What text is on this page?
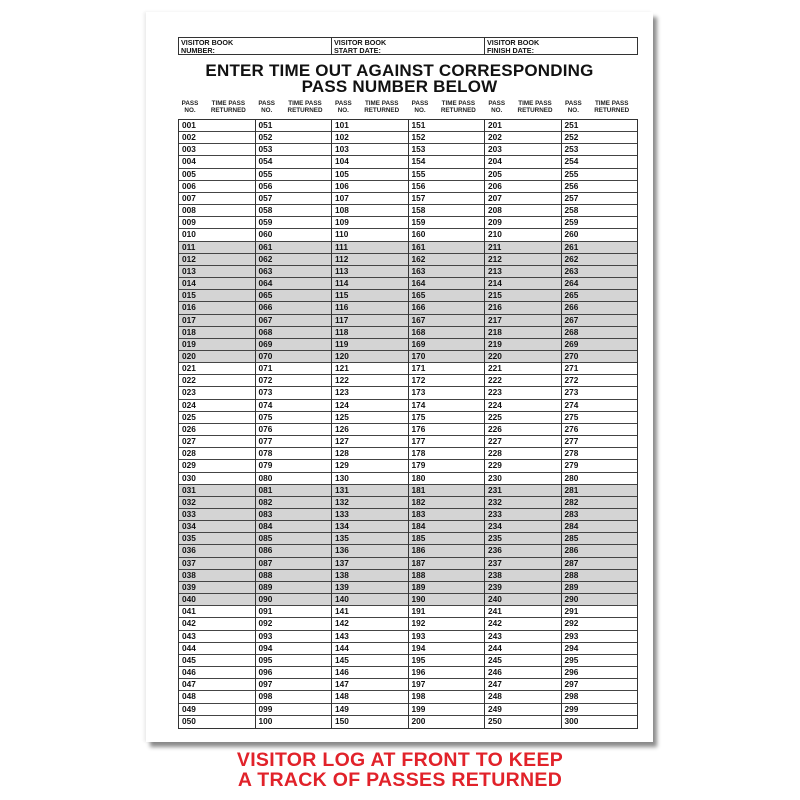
VISITOR BOOK
NUMBER:
VISITOR BOOK
START DATE:
VISITOR BOOK
FINISH DATE:
ENTER TIME OUT AGAINST CORRESPONDING
PASS NUMBER BELOW
PASS
NO.
TIME PASS
RETURNED
PASS
NO.
TIME PASS
RETURNED
PASS
NO.
TIME PASS
RETURNED
PASS
NO.
TIME PASS
RETURNED
PASS
NO.
TIME PASS
RETURNED
PASS
NO.
TIME PASS
RETURNED
001
002
003
004
005
006
007
008
009
010
011
012
013
014
015
016
017
018
019
020
021
022
023
024
025
026
027
028
029
030
031
032
033
034
035
036
037
038
039
040
041
042
043
044
045
046
047
048
049
050
051
052
053
054
055
056
057
058
059
060
061
062
063
064
065
066
067
068
069
070
071
072
073
074
075
076
077
078
079
080
081
082
083
084
085
086
087
088
089
090
091
092
093
094
095
096
097
098
099
100
101
102
103
104
105
106
107
108
109
110
111
112
113
114
115
116
117
118
119
120
121
122
123
124
125
126
127
128
129
130
131
132
133
134
135
136
137
138
139
140
141
142
143
144
145
146
147
148
149
150
151
152
153
154
155
156
157
158
159
160
161
162
163
164
165
166
167
168
169
170
171
172
173
174
175
176
177
178
179
180
181
182
183
184
185
186
187
188
189
190
191
192
193
194
195
196
197
198
199
200
201
202
203
204
205
206
207
208
209
210
211
212
213
214
215
216
217
218
219
220
221
222
223
224
225
226
227
228
229
230
231
232
233
234
235
236
237
238
239
240
241
242
243
244
245
246
247
248
249
250
251
252
253
254
255
256
257
258
259
260
261
262
263
264
265
266
267
268
269
270
271
272
273
274
275
276
277
278
279
280
281
282
283
284
285
286
287
288
289
290
291
292
293
294
295
296
297
298
299
300
VISITOR LOG AT FRONT TO KEEP
A TRACK OF PASSES RETURNED
